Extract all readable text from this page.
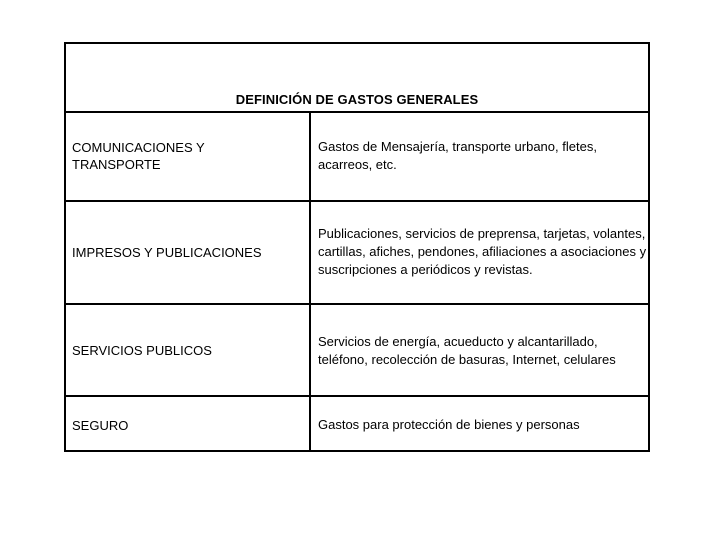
DEFINICIÓN DE GASTOS GENERALES
COMUNICACIONES Y TRANSPORTE
Gastos de Mensajería, transporte urbano, fletes, acarreos, etc.
IMPRESOS Y PUBLICACIONES
Publicaciones, servicios de preprensa, tarjetas, volantes, cartillas, afiches, pendones, afiliaciones a asociaciones y suscripciones a periódicos y revistas.
SERVICIOS PUBLICOS
Servicios de energía, acueducto y alcantarillado, teléfono, recolección de basuras, Internet, celulares
SEGURO	Gastos para protección de bienes y personas
